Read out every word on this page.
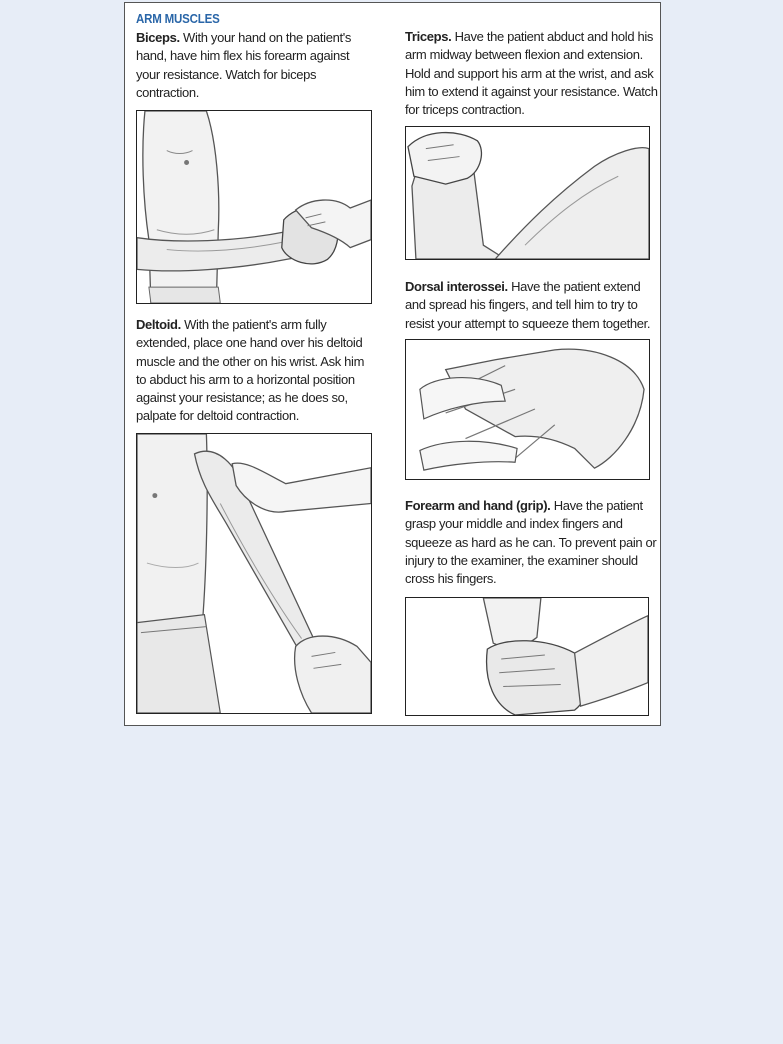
ARM MUSCLES
Biceps. With your hand on the patient's hand, have him flex his forearm against your resistance. Watch for biceps contraction.
Deltoid. With the patient's arm fully extended, place one hand over his deltoid muscle and the other on his wrist. Ask him to abduct his arm to a horizontal position against your resistance; as he does so, palpate for deltoid contraction.
Triceps. Have the patient abduct and hold his arm midway between flexion and extension. Hold and support his arm at the wrist, and ask him to extend it against your resistance. Watch for triceps contraction.
Dorsal interossei. Have the patient extend and spread his fingers, and tell him to try to resist your attempt to squeeze them together.
Forearm and hand (grip). Have the patient grasp your middle and index fingers and squeeze as hard as he can. To prevent pain or injury to the examiner, the examiner should cross his fingers.
